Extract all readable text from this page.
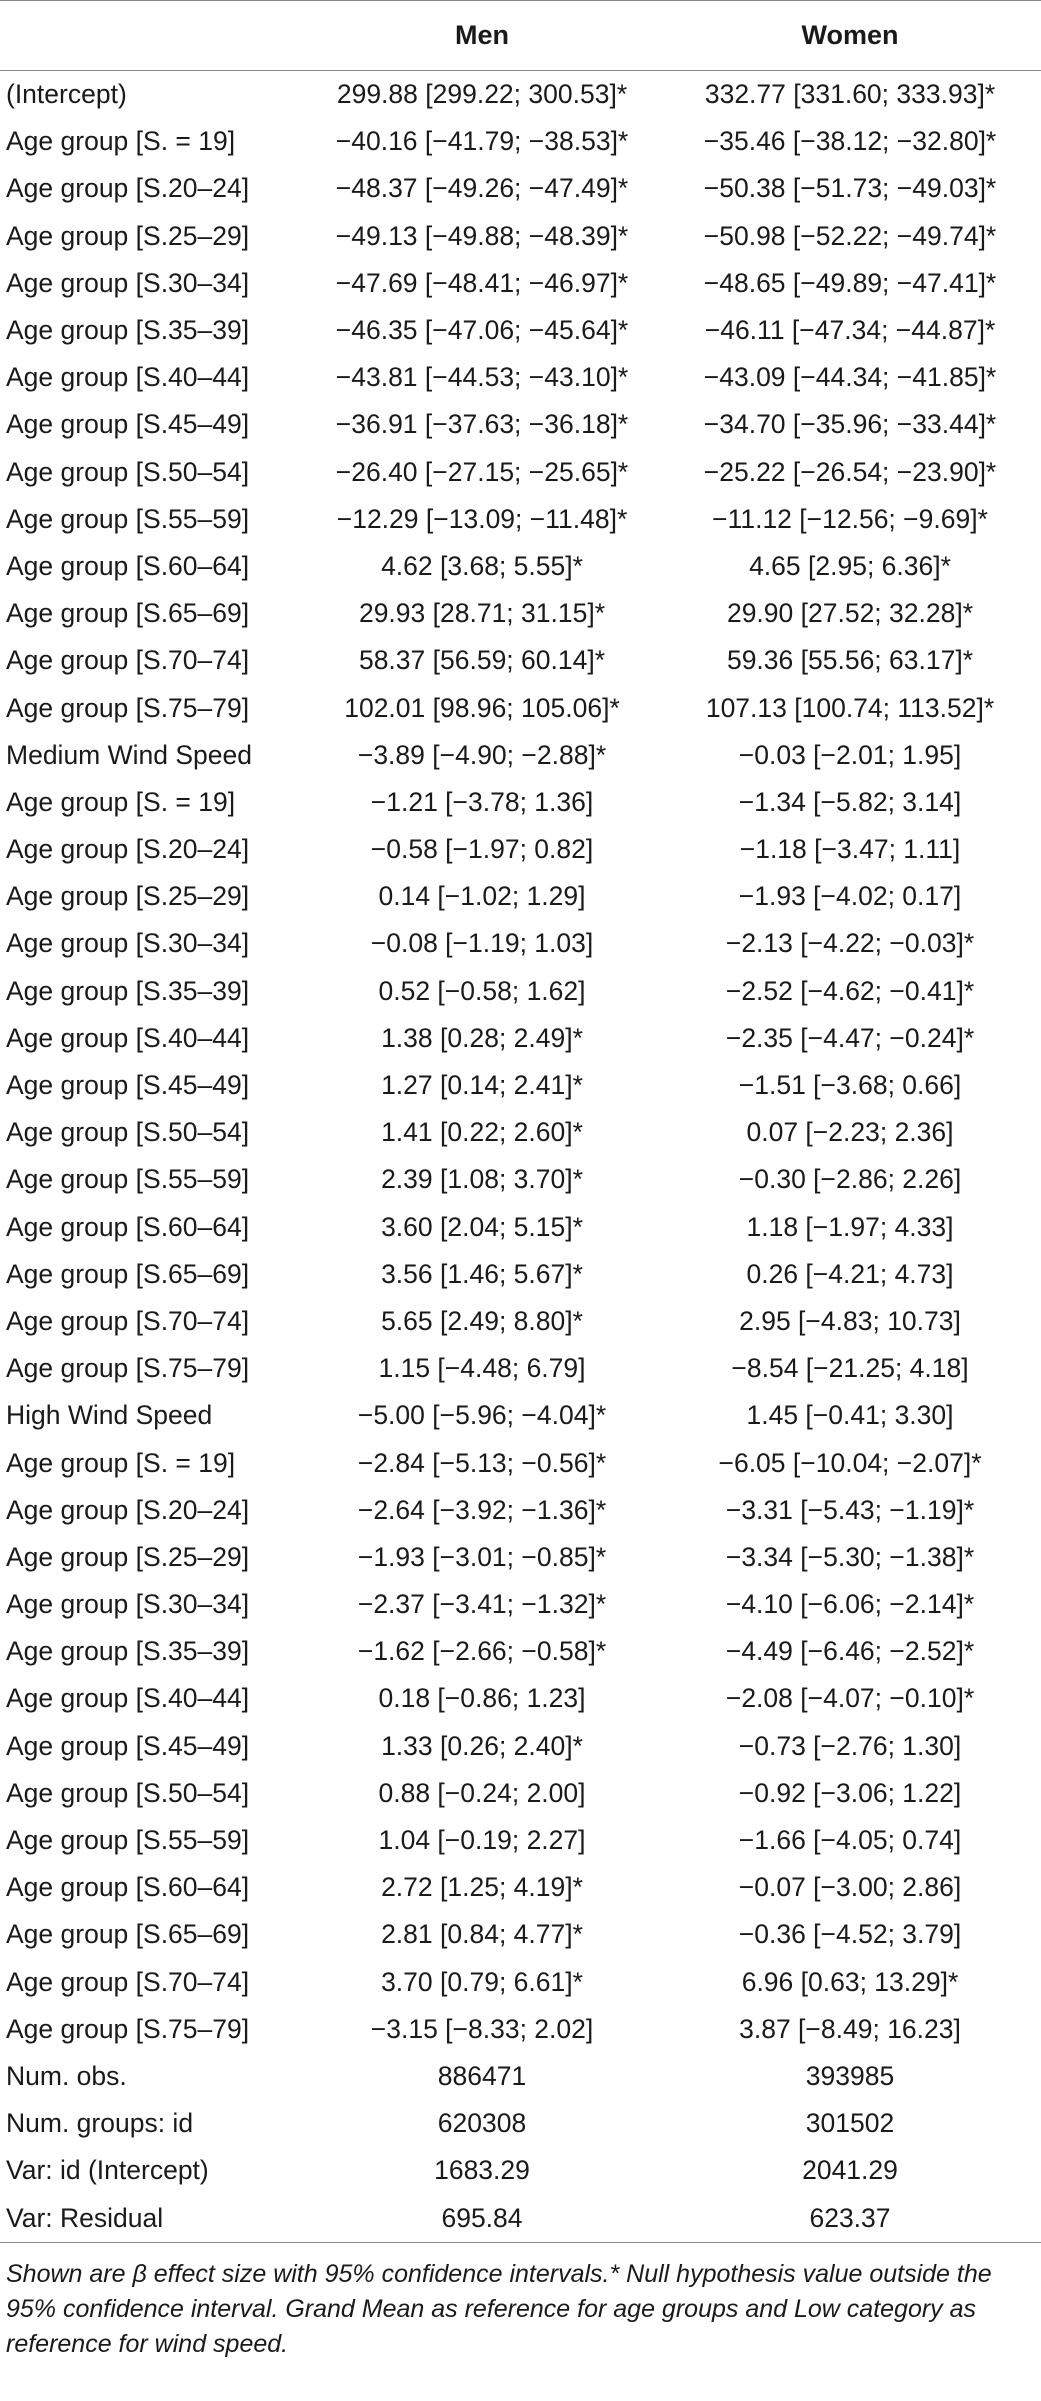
	Men	Women
(Intercept)	299.88 [299.22; 300.53]*	332.77 [331.60; 333.93]*
Age group [S. = 19]	−40.16 [−41.79; −38.53]*	−35.46 [−38.12; −32.80]*
Age group [S.20–24]	−48.37 [−49.26; −47.49]*	−50.38 [−51.73; −49.03]*
Age group [S.25–29]	−49.13 [−49.88; −48.39]*	−50.98 [−52.22; −49.74]*
Age group [S.30–34]	−47.69 [−48.41; −46.97]*	−48.65 [−49.89; −47.41]*
Age group [S.35–39]	−46.35 [−47.06; −45.64]*	−46.11 [−47.34; −44.87]*
Age group [S.40–44]	−43.81 [−44.53; −43.10]*	−43.09 [−44.34; −41.85]*
Age group [S.45–49]	−36.91 [−37.63; −36.18]*	−34.70 [−35.96; −33.44]*
Age group [S.50–54]	−26.40 [−27.15; −25.65]*	−25.22 [−26.54; −23.90]*
Age group [S.55–59]	−12.29 [−13.09; −11.48]*	−11.12 [−12.56; −9.69]*
Age group [S.60–64]	4.62 [3.68; 5.55]*	4.65 [2.95; 6.36]*
Age group [S.65–69]	29.93 [28.71; 31.15]*	29.90 [27.52; 32.28]*
Age group [S.70–74]	58.37 [56.59; 60.14]*	59.36 [55.56; 63.17]*
Age group [S.75–79]	102.01 [98.96; 105.06]*	107.13 [100.74; 113.52]*
Medium Wind Speed	−3.89 [−4.90; −2.88]*	−0.03 [−2.01; 1.95]
Age group [S. = 19]	−1.21 [−3.78; 1.36]	−1.34 [−5.82; 3.14]
Age group [S.20–24]	−0.58 [−1.97; 0.82]	−1.18 [−3.47; 1.11]
Age group [S.25–29]	0.14 [−1.02; 1.29]	−1.93 [−4.02; 0.17]
Age group [S.30–34]	−0.08 [−1.19; 1.03]	−2.13 [−4.22; −0.03]*
Age group [S.35–39]	0.52 [−0.58; 1.62]	−2.52 [−4.62; −0.41]*
Age group [S.40–44]	1.38 [0.28; 2.49]*	−2.35 [−4.47; −0.24]*
Age group [S.45–49]	1.27 [0.14; 2.41]*	−1.51 [−3.68; 0.66]
Age group [S.50–54]	1.41 [0.22; 2.60]*	0.07 [−2.23; 2.36]
Age group [S.55–59]	2.39 [1.08; 3.70]*	−0.30 [−2.86; 2.26]
Age group [S.60–64]	3.60 [2.04; 5.15]*	1.18 [−1.97; 4.33]
Age group [S.65–69]	3.56 [1.46; 5.67]*	0.26 [−4.21; 4.73]
Age group [S.70–74]	5.65 [2.49; 8.80]*	2.95 [−4.83; 10.73]
Age group [S.75–79]	1.15 [−4.48; 6.79]	−8.54 [−21.25; 4.18]
High Wind Speed	−5.00 [−5.96; −4.04]*	1.45 [−0.41; 3.30]
Age group [S. = 19]	−2.84 [−5.13; −0.56]*	−6.05 [−10.04; −2.07]*
Age group [S.20–24]	−2.64 [−3.92; −1.36]*	−3.31 [−5.43; −1.19]*
Age group [S.25–29]	−1.93 [−3.01; −0.85]*	−3.34 [−5.30; −1.38]*
Age group [S.30–34]	−2.37 [−3.41; −1.32]*	−4.10 [−6.06; −2.14]*
Age group [S.35–39]	−1.62 [−2.66; −0.58]*	−4.49 [−6.46; −2.52]*
Age group [S.40–44]	0.18 [−0.86; 1.23]	−2.08 [−4.07; −0.10]*
Age group [S.45–49]	1.33 [0.26; 2.40]*	−0.73 [−2.76; 1.30]
Age group [S.50–54]	0.88 [−0.24; 2.00]	−0.92 [−3.06; 1.22]
Age group [S.55–59]	1.04 [−0.19; 2.27]	−1.66 [−4.05; 0.74]
Age group [S.60–64]	2.72 [1.25; 4.19]*	−0.07 [−3.00; 2.86]
Age group [S.65–69]	2.81 [0.84; 4.77]*	−0.36 [−4.52; 3.79]
Age group [S.70–74]	3.70 [0.79; 6.61]*	6.96 [0.63; 13.29]*
Age group [S.75–79]	−3.15 [−8.33; 2.02]	3.87 [−8.49; 16.23]
Num. obs.	886471	393985
Num. groups: id	620308	301502
Var: id (Intercept)	1683.29	2041.29
Var: Residual	695.84	623.37
Shown are β effect size with 95% confidence intervals.* Null hypothesis value outside the 95% confidence interval. Grand Mean as reference for age groups and Low category as reference for wind speed.
